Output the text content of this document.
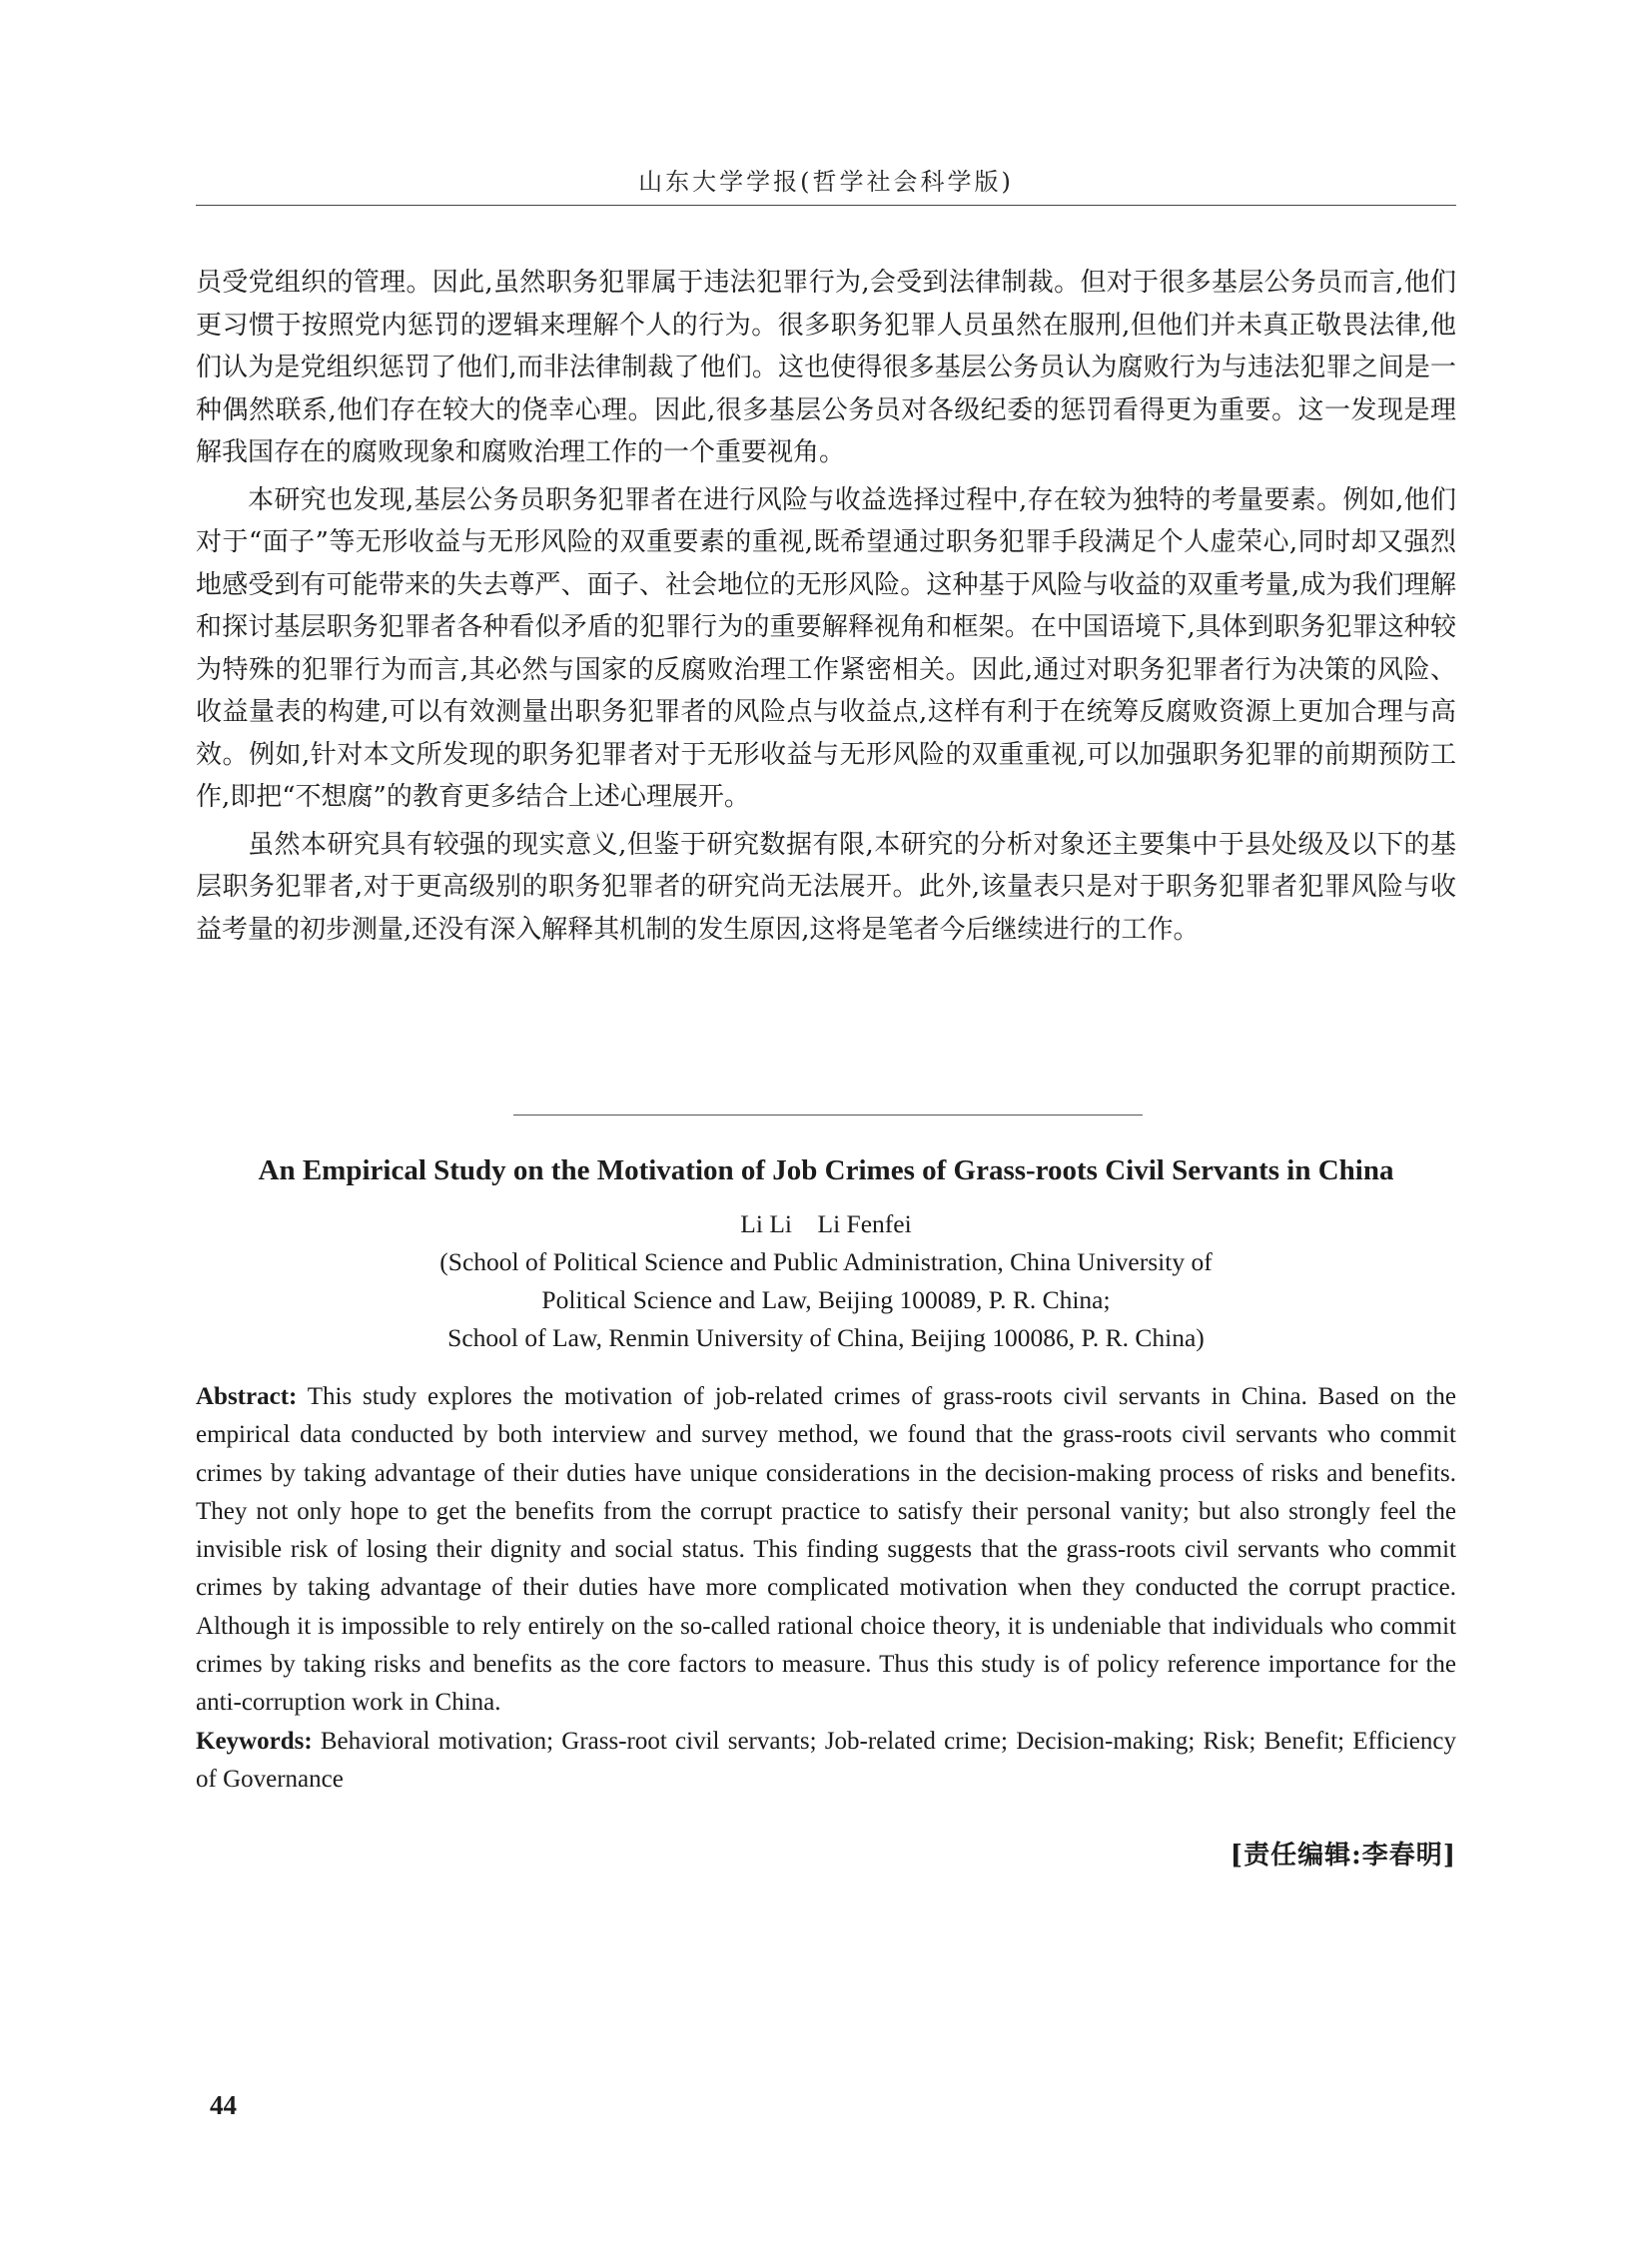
山东大学学报(哲学社会科学版)

员受党组织的管理。因此,虽然职务犯罪属于违法犯罪行为,会受到法律制裁。但对于很多基层公务员而言,他们更习惯于按照党内惩罚的逻辑来理解个人的行为。很多职务犯罪人员虽然在服刑,但他们并未真正敬畏法律,他们认为是党组织惩罚了他们,而非法律制裁了他们。这也使得很多基层公务员认为腐败行为与违法犯罪之间是一种偶然联系,他们存在较大的侥幸心理。因此,很多基层公务员对各级纪委的惩罚看得更为重要。这一发现是理解我国存在的腐败现象和腐败治理工作的一个重要视角。

本研究也发现,基层公务员职务犯罪者在进行风险与收益选择过程中,存在较为独特的考量要素。例如,他们对于“面子”等无形收益与无形风险的双重要素的重视,既希望通过职务犯罪手段满足个人虚荣心,同时却又强烈地感受到有可能带来的失去尊严、面子、社会地位的无形风险。这种基于风险与收益的双重考量,成为我们理解和探讨基层职务犯罪者各种看似矛盾的犯罪行为的重要解释视角和框架。在中国语境下,具体到职务犯罪这种较为特殊的犯罪行为而言,其必然与国家的反腐败治理工作紧密相关。因此,通过对职务犯罪者行为决策的风险、收益量表的构建,可以有效测量出职务犯罪者的风险点与收益点,这样有利于在统筹反腐败资源上更加合理与高效。例如,针对本文所发现的职务犯罪者对于无形收益与无形风险的双重重视,可以加强职务犯罪的前期预防工作,即把“不想腐”的教育更多结合上述心理展开。

虽然本研究具有较强的现实意义,但鉴于研究数据有限,本研究的分析对象还主要集中于县处级及以下的基层职务犯罪者,对于更高级别的职务犯罪者的研究尚无法展开。此外,该量表只是对于职务犯罪者犯罪风险与收益考量的初步测量,还没有深入解释其机制的发生原因,这将是笔者今后继续进行的工作。

An Empirical Study on the Motivation of Job Crimes of Grass-roots Civil Servants in China
Li Li    Li Fenfei
(School of Political Science and Public Administration, China University of
Political Science and Law, Beijing 100089, P. R. China;
School of Law, Renmin University of China, Beijing 100086, P. R. China)

Abstract: This study explores the motivation of job-related crimes of grass-roots civil servants in China. Based on the empirical data conducted by both interview and survey method, we found that the grass-roots civil servants who commit crimes by taking advantage of their duties have unique considerations in the decision-making process of risks and benefits. They not only hope to get the benefits from the corrupt practice to satisfy their personal vanity; but also strongly feel the invisible risk of losing their dignity and social status. This finding suggests that the grass-roots civil servants who commit crimes by taking advantage of their duties have more complicated motivation when they conducted the corrupt practice. Although it is impossible to rely entirely on the so-called rational choice theory, it is undeniable that individuals who commit crimes by taking risks and benefits as the core factors to measure. Thus this study is of policy reference importance for the anti-corruption work in China.

Keywords: Behavioral motivation; Grass-root civil servants; Job-related crime; Decision-making; Risk; Benefit; Efficiency of Governance

[责任编辑:李春明]
44
